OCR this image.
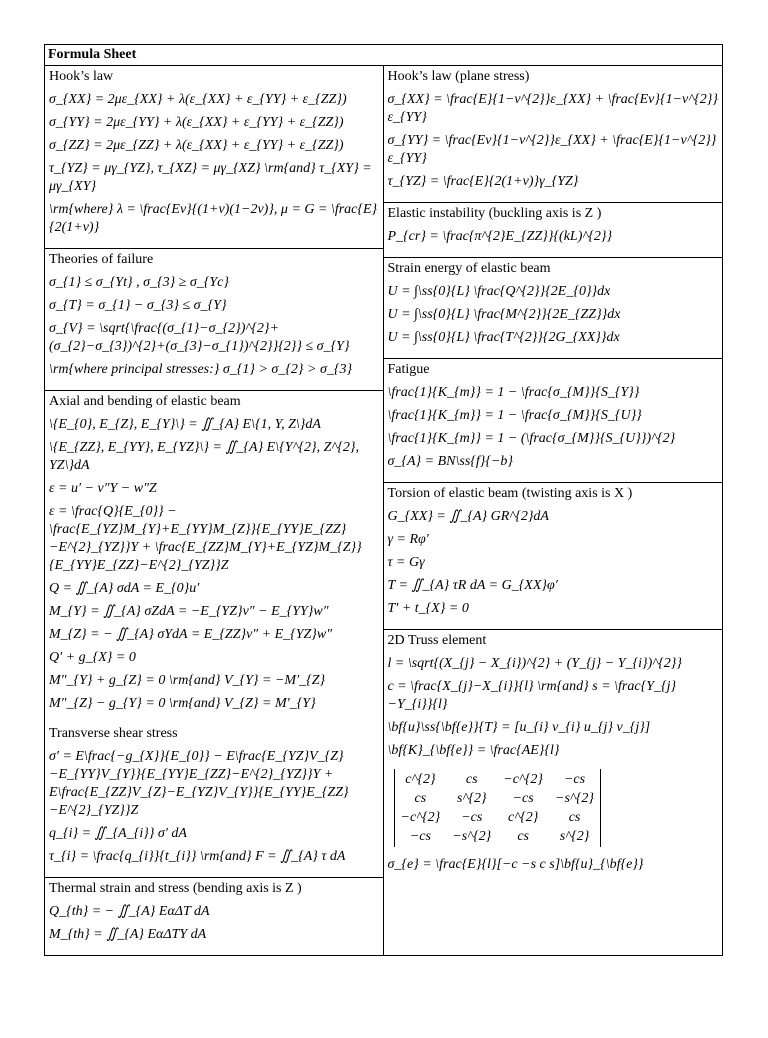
Formula Sheet
Hook’s law
σ_{XX} = 2με_{XX} + λ(ε_{XX} + ε_{YY} + ε_{ZZ})
σ_{YY} = 2με_{YY} + λ(ε_{XX} + ε_{YY} + ε_{ZZ})
σ_{ZZ} = 2με_{ZZ} + λ(ε_{XX} + ε_{YY} + ε_{ZZ})
τ_{YZ} = μγ_{YZ}, τ_{XZ} = μγ_{XZ} \rm{and} τ_{XY} = μγ_{XY}
\rm{where} λ = \frac{Eν}{(1+ν)(1−2ν)}, μ = G = \frac{E}{2(1+ν)}
Theories of failure
σ_{1} ≤ σ_{Yt} , σ_{3} ≥ σ_{Yc}
σ_{T} = σ_{1} − σ_{3} ≤ σ_{Y}
σ_{V} = \sqrt{\frac{(σ_{1}−σ_{2})^{2}+(σ_{2}−σ_{3})^{2}+(σ_{3}−σ_{1})^{2}}{2}} ≤ σ_{Y}
\rm{where principal stresses:} σ_{1} > σ_{2} > σ_{3}
Axial and bending of elastic beam
\{E_{0}, E_{Z}, E_{Y}\} = ∬_{A} E\{1, Y, Z\}dA
\{E_{ZZ}, E_{YY}, E_{YZ}\} = ∬_{A} E\{Y^{2}, Z^{2}, YZ\}dA
ε = u′ − v″Y − w″Z
ε = \frac{Q}{E_{0}} − \frac{E_{YZ}M_{Y}+E_{YY}M_{Z}}{E_{YY}E_{ZZ}−E^{2}_{YZ}}Y + \frac{E_{ZZ}M_{Y}+E_{YZ}M_{Z}}{E_{YY}E_{ZZ}−E^{2}_{YZ}}Z
Q = ∬_{A} σdA = E_{0}u′
M_{Y} = ∬_{A} σZdA = −E_{YZ}v″ − E_{YY}w″
M_{Z} = − ∬_{A} σYdA = E_{ZZ}v″ + E_{YZ}w″
Q′ + g_{X} = 0
M″_{Y} + g_{Z} = 0 \rm{and} V_{Y} = −M′_{Z}
M″_{Z} − g_{Y} = 0 \rm{and} V_{Z} = M′_{Y}
Transverse shear stress
σ′ = E\frac{−g_{X}}{E_{0}} − E\frac{E_{YZ}V_{Z}−E_{YY}V_{Y}}{E_{YY}E_{ZZ}−E^{2}_{YZ}}Y + E\frac{E_{ZZ}V_{Z}−E_{YZ}V_{Y}}{E_{YY}E_{ZZ}−E^{2}_{YZ}}Z
q_{i} = ∬_{A_{i}} σ′ dA
τ_{i} = \frac{q_{i}}{t_{i}} \rm{and} F = ∬_{A} τ dA
Thermal strain and stress (bending axis is Z )
Q_{th} = − ∬_{A} EαΔT dA
M_{th} = ∬_{A} EαΔTY dA
Hook’s law (plane stress)
σ_{XX} = \frac{E}{1−ν^{2}}ε_{XX} + \frac{Eν}{1−ν^{2}}ε_{YY}
σ_{YY} = \frac{Eν}{1−ν^{2}}ε_{XX} + \frac{E}{1−ν^{2}}ε_{YY}
τ_{YZ} = \frac{E}{2(1+ν)}γ_{YZ}
Elastic instability (buckling axis is Z )
P_{cr} = \frac{π^{2}E_{ZZ}}{(kL)^{2}}
Strain energy of elastic beam
U = ∫\ss{0}{L} \frac{Q^{2}}{2E_{0}}dx
U = ∫\ss{0}{L} \frac{M^{2}}{2E_{ZZ}}dx
U = ∫\ss{0}{L} \frac{T^{2}}{2G_{XX}}dx
Fatigue
\frac{1}{K_{m}} = 1 − \frac{σ_{M}}{S_{Y}}
\frac{1}{K_{m}} = 1 − \frac{σ_{M}}{S_{U}}
\frac{1}{K_{m}} = 1 − (\frac{σ_{M}}{S_{U}})^{2}
σ_{A} = BN\ss{f}{−b}
Torsion of elastic beam (twisting axis is X )
G_{XX} = ∬_{A} GR^{2}dA
γ = Rφ′
τ = Gγ
T = ∬_{A} τR dA = G_{XX}φ′
T′ + t_{X} = 0
2D Truss element
l = \sqrt{(X_{j} − X_{i})^{2} + (Y_{j} − Y_{i})^{2}}
c = \frac{X_{j}−X_{i}}{l} \rm{and} s = \frac{Y_{j}−Y_{i}}{l}
\bf{u}\ss{\bf{e}}{T} = [u_{i} v_{i} u_{j} v_{j}]
\bf{K}_{\bf{e}} = \frac{AE}{l}
c^{2}	cs	−c^{2}	−cs
cs	s^{2}	−cs	−s^{2}
−c^{2}	−cs	c^{2}	cs
−cs	−s^{2}	cs	s^{2}
σ_{e} = \frac{E}{l}[−c −s c s]\bf{u}_{\bf{e}}
